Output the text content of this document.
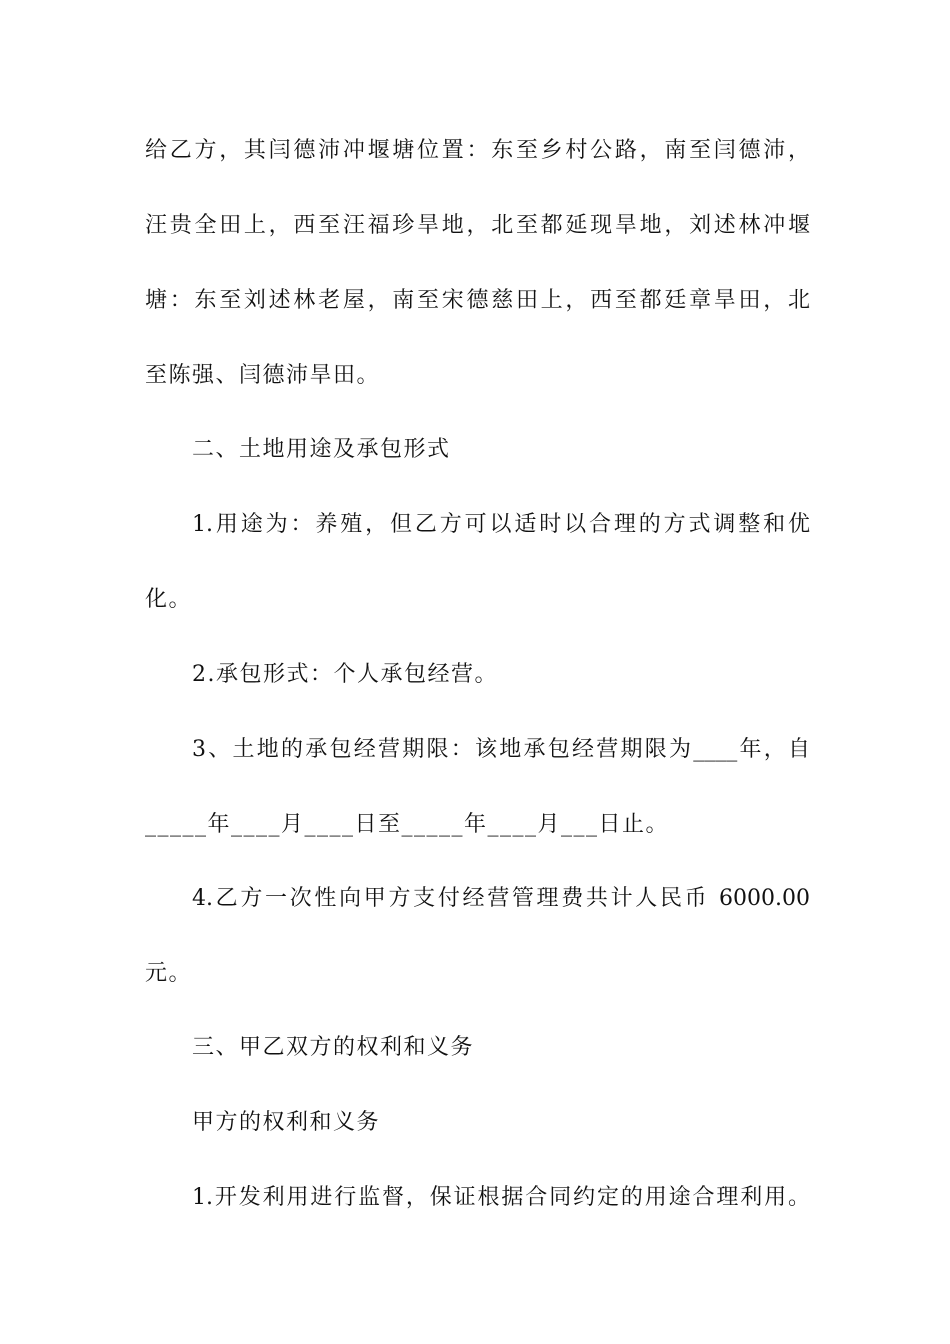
给乙方，其闫德沛冲堰塘位置：东至乡村公路，南至闫德沛，
汪贵全田上，西至汪福珍旱地，北至都延现旱地，刘述林冲堰
塘：东至刘述林老屋，南至宋德慈田上，西至都廷章旱田，北
至陈强、闫德沛旱田。
二、土地用途及承包形式
1.用途为：养殖，但乙方可以适时以合理的方式调整和优
化。
2.承包形式：个人承包经营。
3、土地的承包经营期限：该地承包经营期限为____年，自
_____年____月____日至_____年____月___日止。
4.乙方一次性向甲方支付经营管理费共计人民币 6000.00
元。
三、甲乙双方的权利和义务
甲方的权利和义务
1.开发利用进行监督，保证根据合同约定的用途合理利用。
